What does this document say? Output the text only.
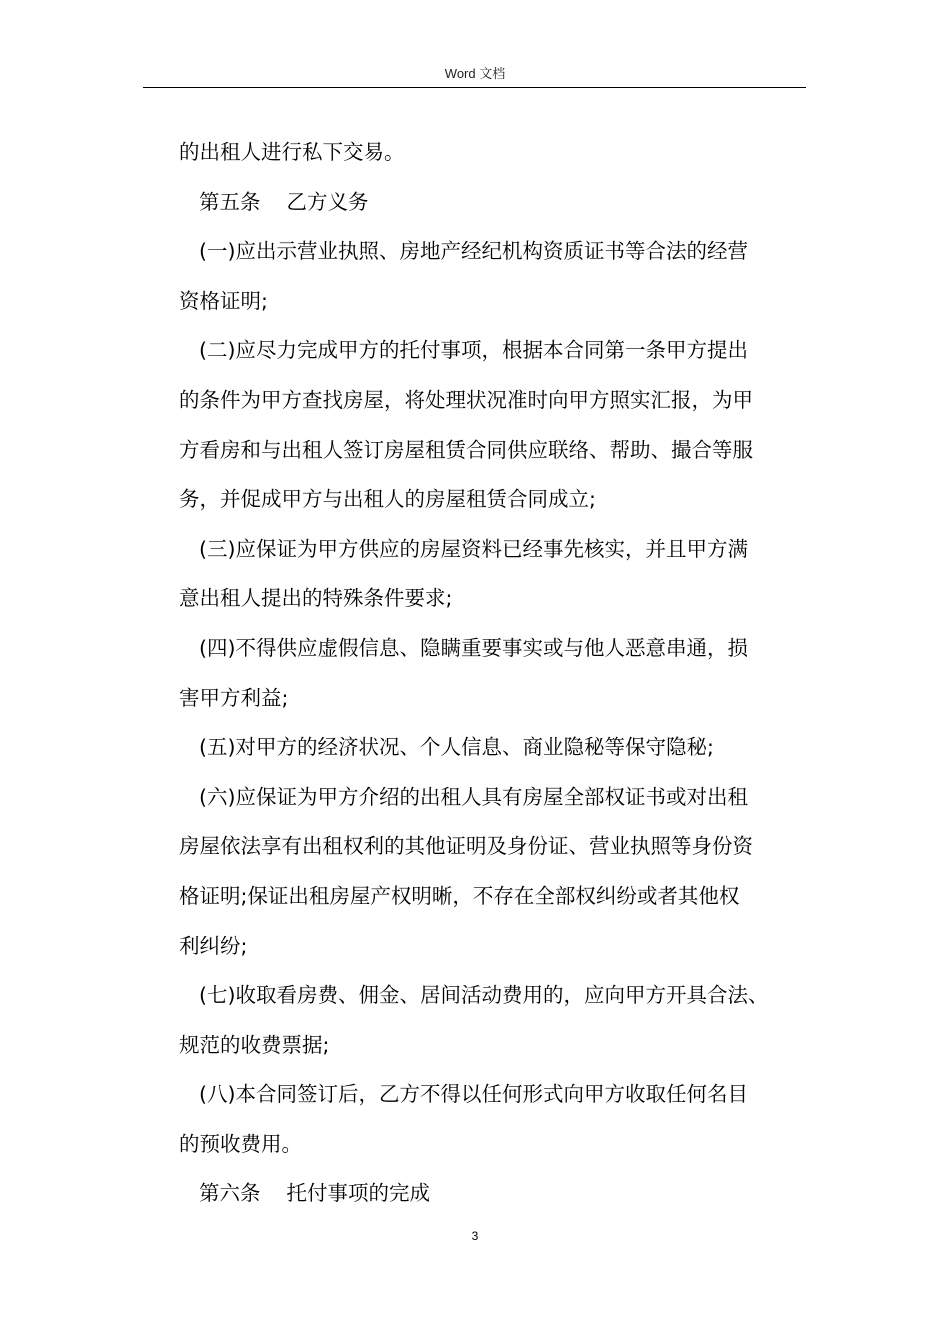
Word 文档
的出租人进行私下交易。
第五条 乙方义务
(一)应出示营业执照、房地产经纪机构资质证书等合法的经营
资格证明;
(二)应尽力完成甲方的托付事项，根据本合同第一条甲方提出
的条件为甲方查找房屋，将处理状况准时向甲方照实汇报，为甲
方看房和与出租人签订房屋租赁合同供应联络、帮助、撮合等服
务，并促成甲方与出租人的房屋租赁合同成立;
(三)应保证为甲方供应的房屋资料已经事先核实，并且甲方满
意出租人提出的特殊条件要求;
(四)不得供应虚假信息、隐瞒重要事实或与他人恶意串通，损
害甲方利益;
(五)对甲方的经济状况、个人信息、商业隐秘等保守隐秘;
(六)应保证为甲方介绍的出租人具有房屋全部权证书或对出租
房屋依法享有出租权利的其他证明及身份证、营业执照等身份资
格证明;保证出租房屋产权明晰，不存在全部权纠纷或者其他权
利纠纷;
(七)收取看房费、佣金、居间活动费用的，应向甲方开具合法、
规范的收费票据;
(八)本合同签订后，乙方不得以任何形式向甲方收取任何名目
的预收费用。
第六条 托付事项的完成
3
